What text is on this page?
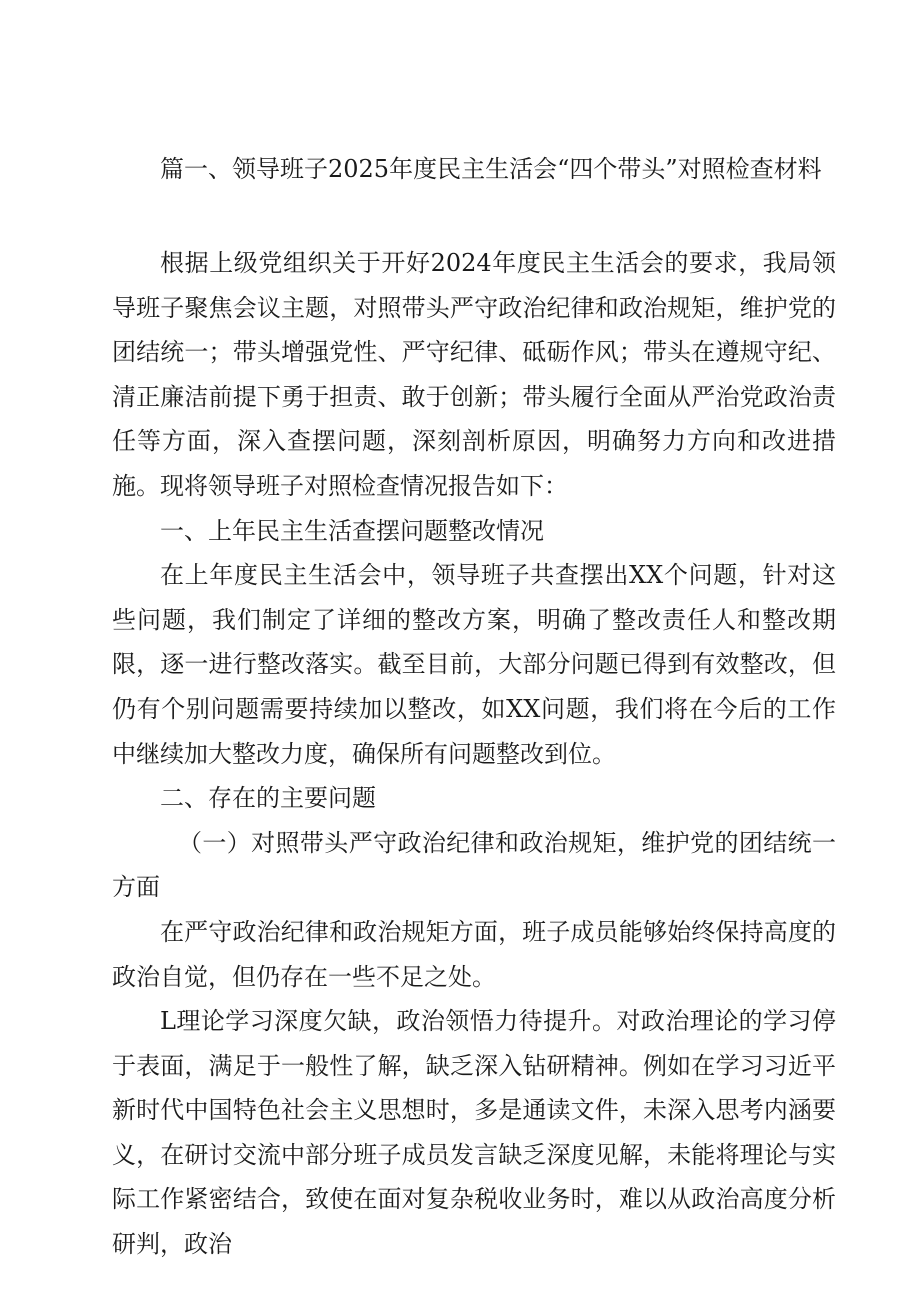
篇一、领导班子2025年度民主生活会“四个带头”对照检查材料

根据上级党组织关于开好2024年度民主生活会的要求，我局领导班子聚焦会议主题，对照带头严守政治纪律和政治规矩，维护党的团结统一；带头增强党性、严守纪律、砥砺作风；带头在遵规守纪、清正廉洁前提下勇于担责、敢于创新；带头履行全面从严治党政治责任等方面，深入查摆问题，深刻剖析原因，明确努力方向和改进措施。现将领导班子对照检查情况报告如下：

一、上年民主生活查摆问题整改情况

在上年度民主生活会中，领导班子共查摆出XX个问题，针对这些问题，我们制定了详细的整改方案，明确了整改责任人和整改期限，逐一进行整改落实。截至目前，大部分问题已得到有效整改，但仍有个别问题需要持续加以整改，如XX问题，我们将在今后的工作中继续加大整改力度，确保所有问题整改到位。

二、存在的主要问题

（一）对照带头严守政治纪律和政治规矩，维护党的团结统一方面

在严守政治纪律和政治规矩方面，班子成员能够始终保持高度的政治自觉，但仍存在一些不足之处。

L理论学习深度欠缺，政治领悟力待提升。对政治理论的学习停于表面，满足于一般性了解，缺乏深入钻研精神。例如在学习习近平新时代中国特色社会主义思想时，多是通读文件，未深入思考内涵要义，在研讨交流中部分班子成员发言缺乏深度见解，未能将理论与实际工作紧密结合，致使在面对复杂税收业务时，难以从政治高度分析研判，政治
